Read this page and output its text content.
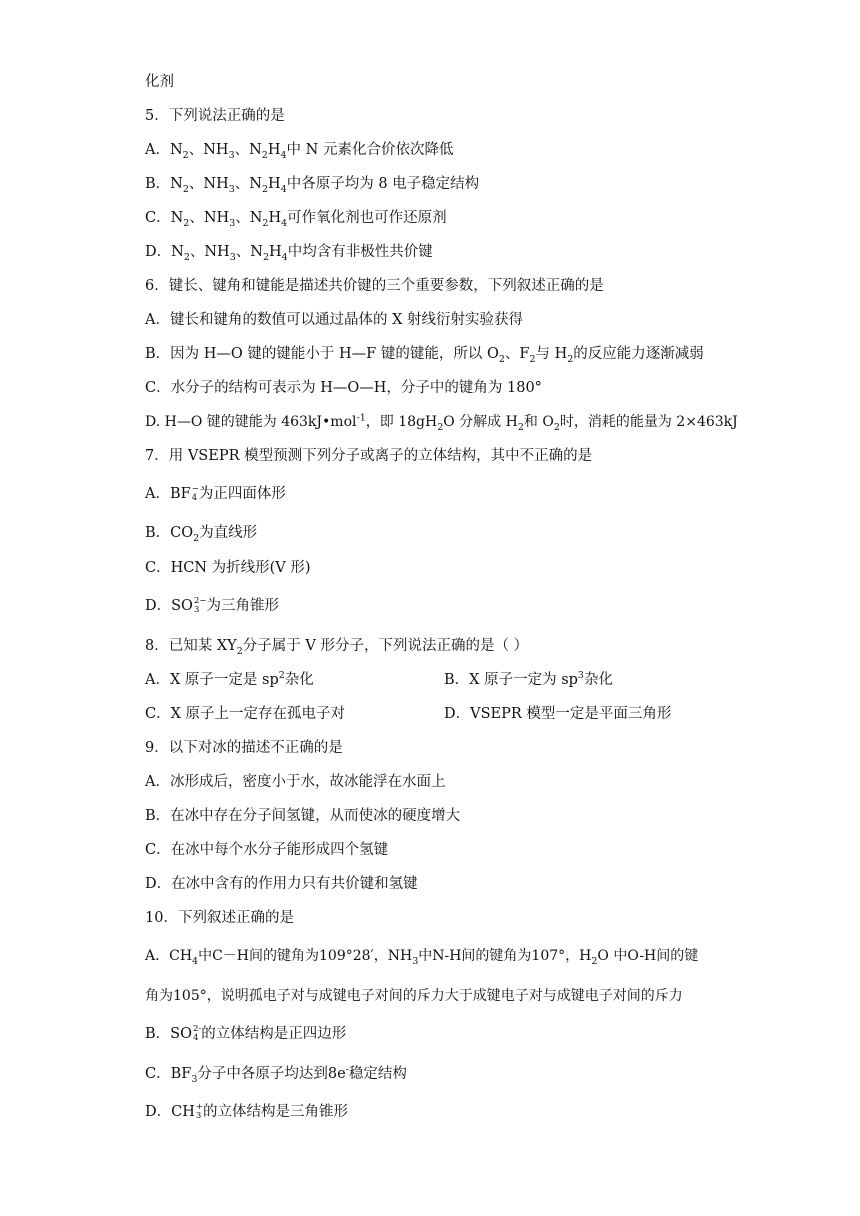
化剂
5．下列说法正确的是
A．$N_2$、$NH_3$、$N_2H_4$中 N 元素化合价依次降低
B．$N_2$、$NH_3$、$N_2H_4$中各原子均为 8 电子稳定结构
C．$N_2$、$NH_3$、$N_2H_4$可作氧化剂也可作还原剂
D．$N_2$、$NH_3$、$N_2H_4$中均含有非极性共价键
6．键长、键角和键能是描述共价键的三个重要参数，下列叙述正确的是
A．键长和键角的数值可以通过晶体的 X 射线衍射实验获得
B．因为 H—O 键的键能小于 H—F 键的键能，所以 $O_2$、$F_2$与 $H_2$的反应能力逐渐减弱
C．水分子的结构可表示为 H—O—H，分子中的键角为 180°
D. H—O 键的键能为 463kJ•mol$^{-1}$，即 $18gH_2O$ 分解成 $H_2$和 $O_2$时，消耗的能量为 2×463kJ
7．用 VSEPR 模型预测下列分子或离子的立体结构，其中不正确的是
A．BF −
4 为正四面体形
B．$CO_2$为直线形
C．HCN 为折线形(V 形)
D．SO 2−
3 为三角锥形
8．已知某 $XY_2$分子属于 V 形分子，下列说法正确的是（ ）
A．X 原子一定是 $sp^2$杂化	B．X 原子一定为 $sp^3$杂化
C．X 原子上一定存在孤电子对	D．VSEPR 模型一定是平面三角形
9．以下对冰的描述不正确的是
A．冰形成后，密度小于水，故冰能浮在水面上
B．在冰中存在分子间氢键，从而使冰的硬度增大
C．在冰中每个水分子能形成四个氢键
D．在冰中含有的作用力只有共价键和氢键
10．下列叙述正确的是
A．$CH_4$中C－H间的键角为109°28′，$NH_3$中N-H间的键角为107°，$H_2O$ 中O-H间的键
角为105°，说明孤电子对与成键电子对间的斥力大于成键电子对与成键电子对间的斥力
B．SO 2-
4 的立体结构是正四边形
C．$BF_3$分子中各原子均达到8e-稳定结构
D．CH +
3 的立体结构是三角锥形
